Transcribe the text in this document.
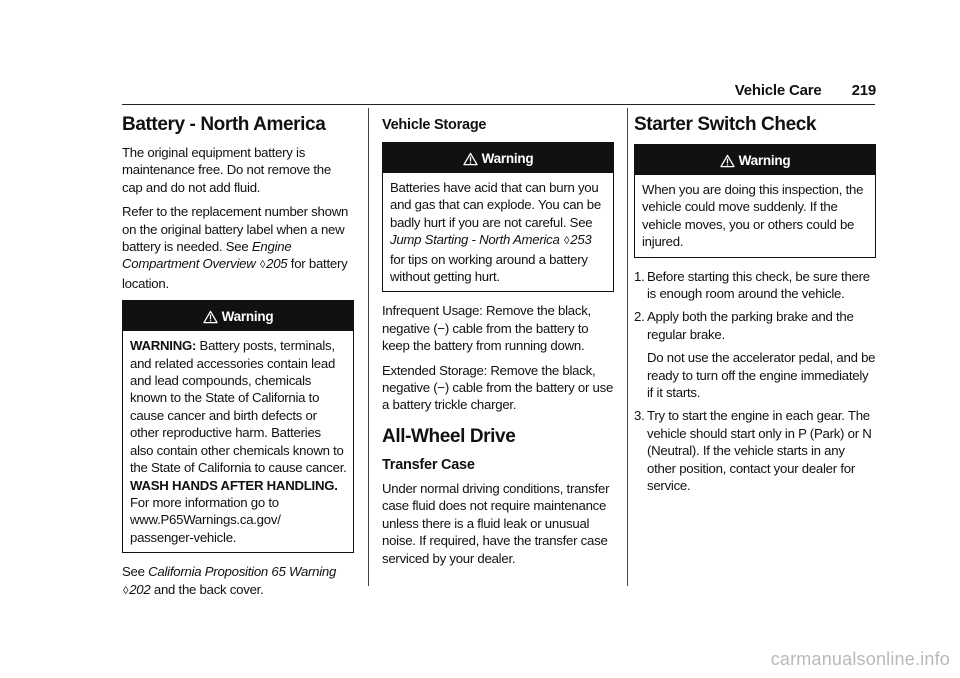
Vehicle Care 219
Battery - North America

The original equipment battery is maintenance free. Do not remove the cap and do not add fluid.

Refer to the replacement number shown on the original battery label when a new battery is needed. See Engine Compartment Overview ◊205 for battery location.

Warning
WARNING: Battery posts, terminals, and related accessories contain lead and lead compounds, chemicals known to the State of California to cause cancer and birth defects or other reproductive harm. Batteries also contain other chemicals known to the State of California to cause cancer. WASH HANDS AFTER HANDLING. For more information go to www.P65Warnings.ca.gov/ passenger-vehicle.

See California Proposition 65 Warning ◊202 and the back cover.

Vehicle Storage
Warning
Batteries have acid that can burn you and gas that can explode. You can be badly hurt if you are not careful. See Jump Starting - North America ◊253 for tips on working around a battery without getting hurt.

Infrequent Usage: Remove the black, negative (−) cable from the battery to keep the battery from running down.

Extended Storage: Remove the black, negative (−) cable from the battery or use a battery trickle charger.

All-Wheel Drive
Transfer Case

Under normal driving conditions, transfer case fluid does not require maintenance unless there is a fluid leak or unusual noise. If required, have the transfer case serviced by your dealer.

Starter Switch Check
Warning
When you are doing this inspection, the vehicle could move suddenly. If the vehicle moves, you or others could be injured.
1. Before starting this check, be sure there is enough room around the vehicle.

2. Apply both the parking brake and the regular brake.

Do not use the accelerator pedal, and be ready to turn off the engine immediately if it starts.

3. Try to start the engine in each gear. The vehicle should start only in P (Park) or N (Neutral). If the vehicle starts in any other position, contact your dealer for service.

carmanualsonline.info
